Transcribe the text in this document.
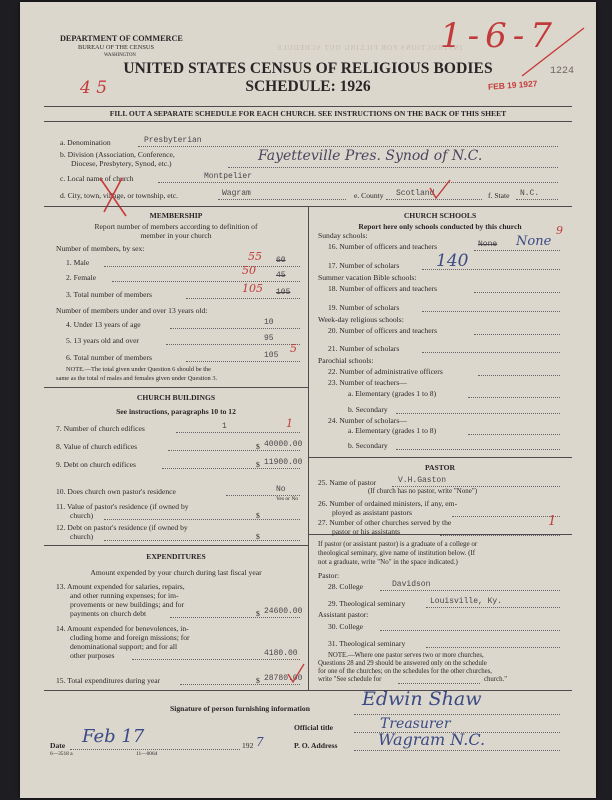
INSTRUCTIONS FOR FILLING OUT SCHEDULE
DEPARTMENT OF COMMERCE
BUREAU OF THE CENSUS
WASHINGTON	1-6-7
1224
FEB 19 1927
4 5
UNITED STATES CENSUS OF RELIGIOUS BODIES
SCHEDULE: 1926
FILL OUT A SEPARATE SCHEDULE FOR EACH CHURCH. SEE INSTRUCTIONS ON THE BACK OF THIS SHEET
a. Denomination	Presbyterian
b. Division (Association, Conference,
Diocese, Presbytery, Synod, etc.)	Fayetteville Pres. Synod of N.C.
c. Local name of church	Montpelier
d. City, town, village, or township, etc.	Wagram	e. County Scotland	f. State N.C.
MEMBERSHIP
Report number of members according to definition of
member in your church
Number of members, by sex:
1. Male	60
55
2. Female	45
50
3. Total number of members	105
105
Number of members under and over 13 years old:
4. Under 13 years of age	10
5. 13 years old and over	95
6. Total number of members	105
5
NOTE.—The total given under Question 6 should be the
same as the total of males and females given under Question 3.
CHURCH BUILDINGS
See instructions, paragraphs 10 to 12
7. Number of church edifices	1	1
8. Value of church edifices	$ 40000.00
9. Debt on church edifices	$ 11900.00
10. Does church own pastor's residence	No
Yes or No
11. Value of pastor's residence (if owned by
church)	$
12. Debt on pastor's residence (if owned by
church)	$
EXPENDITURES
Amount expended by your church during last fiscal year
13. Amount expended for salaries, repairs,
and other running expenses; for im-
provements or new buildings; and for
payments on church debt	$ 24600.00
14. Amount expended for benevolences, in-
cluding home and foreign missions; for
denominational support; and for all
other purposes	4180.00
15. Total expenditures during year	$ 28780.00
CHURCH SCHOOLS
Report here only schools conducted by this church
Sunday schools:
16. Number of officers and teachers	None None
9
17. Number of scholars 140
Summer vacation Bible schools:
18. Number of officers and teachers
19. Number of scholars
Week-day religious schools:
20. Number of officers and teachers
21. Number of scholars
Parochial schools:
22. Number of administrative officers
23. Number of teachers—
a. Elementary (grades 1 to 8)
b. Secondary
24. Number of scholars—
a. Elementary (grades 1 to 8)
b. Secondary
PASTOR
25. Name of pastor	V.H.Gaston
(If church has no pastor, write "None")
26. Number of ordained ministers, if any, em-
ployed as assistant pastors
27. Number of other churches served by the
pastor or his assistants
1
If pastor (or assistant pastor) is a graduate of a college or
theological seminary, give name of institution below. (If
not a graduate, write "No" in the space indicated.)
Pastor:
28. College	Davidson
29. Theological seminary	Louisville, Ky.
Assistant pastor:
30. College
31. Theological seminary
NOTE.—Where one pastor serves two or more churches,
Questions 28 and 29 should be answered only on the schedule
for one of the churches; on the schedules for the other churches,
write "See schedule for	church."
Signature of person furnishing information	Edwin Shaw
Official title	Treasurer
Date Feb 17	192 7	P. O. Address	Wagram N.C.
6—3518 a	11—0064
